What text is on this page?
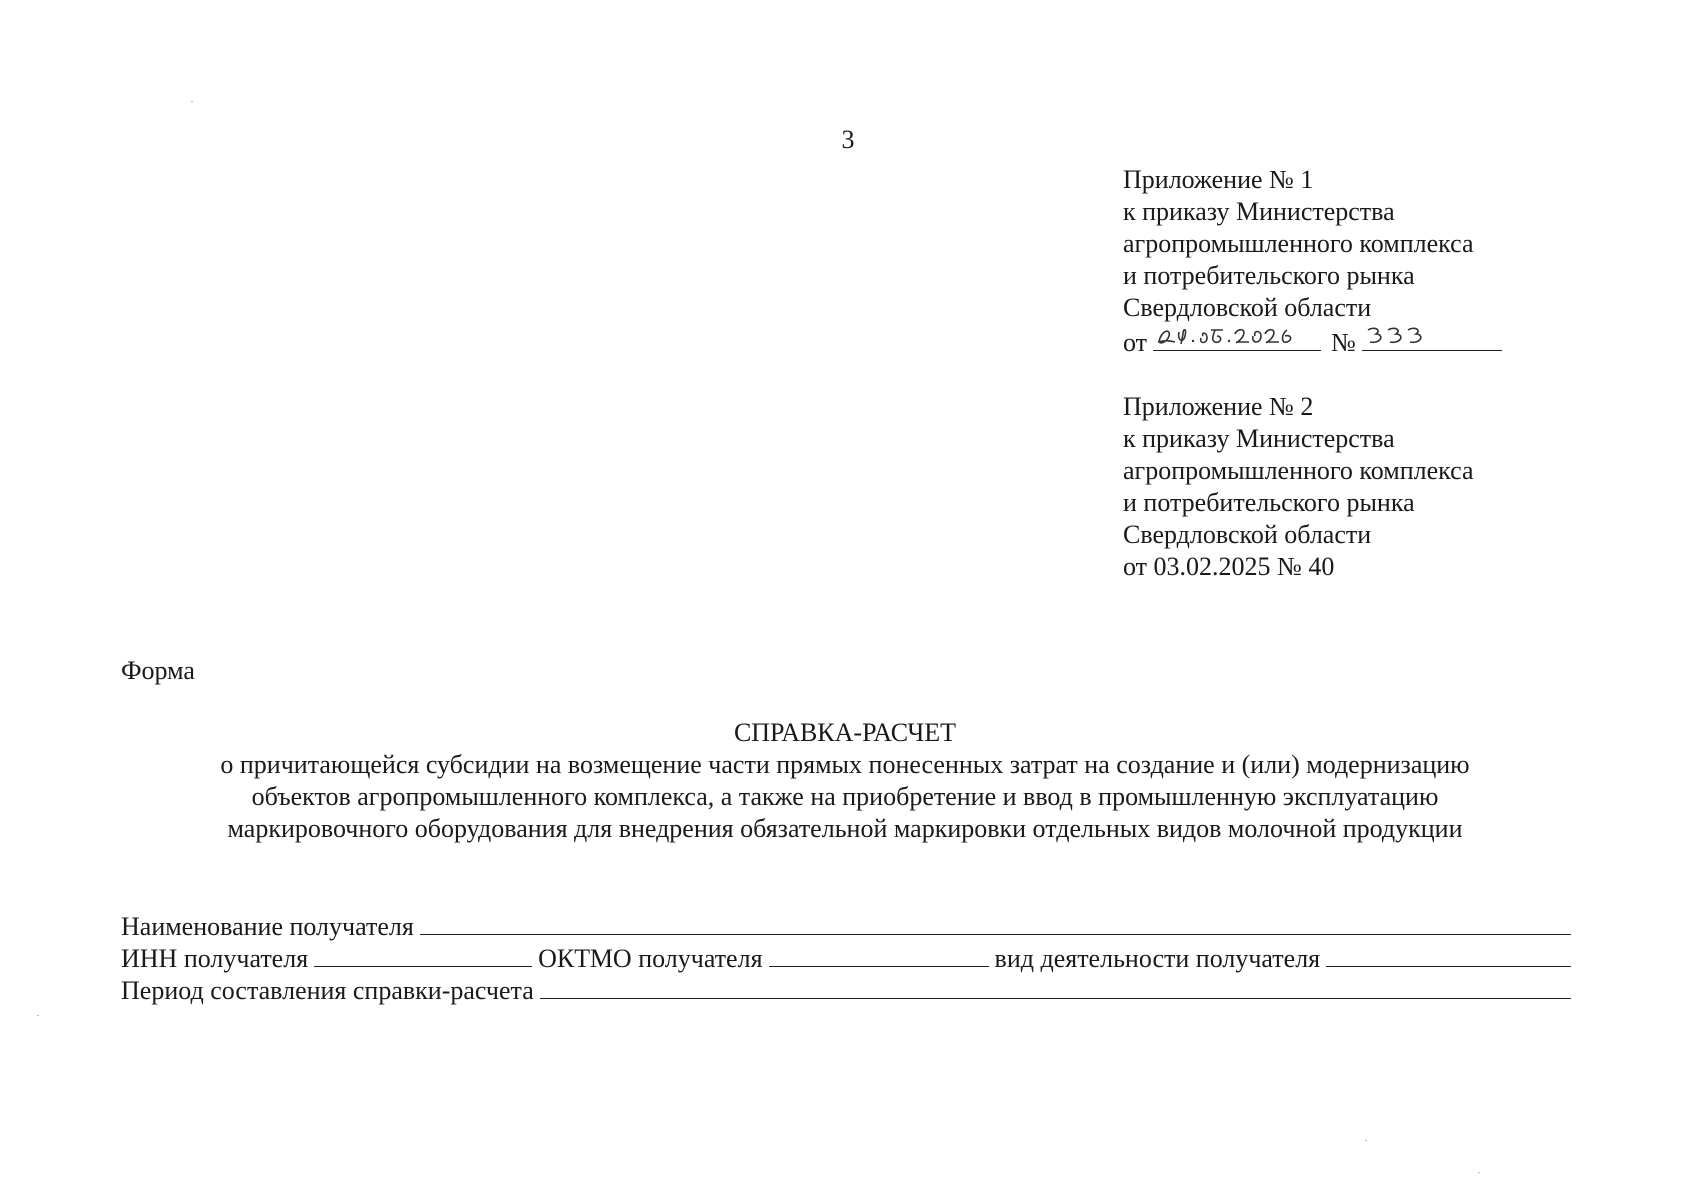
3
Приложение № 1
к приказу Министерства
агропромышленного комплекса
и потребительского рынка
Свердловской области
от	№
Приложение № 2
к приказу Министерства
агропромышленного комплекса
и потребительского рынка
Свердловской области
от 03.02.2025 № 40
Форма
СПРАВКА-РАСЧЕТ
о причитающейся субсидии на возмещение части прямых понесенных затрат на создание и (или) модернизацию
объектов агропромышленного комплекса, а также на приобретение и ввод в промышленную эксплуатацию
маркировочного оборудования для внедрения обязательной маркировки отдельных видов молочной продукции
Наименование получателя
ИНН получателя	ОКТМО получателя	вид деятельности получателя
Период составления справки-расчета
